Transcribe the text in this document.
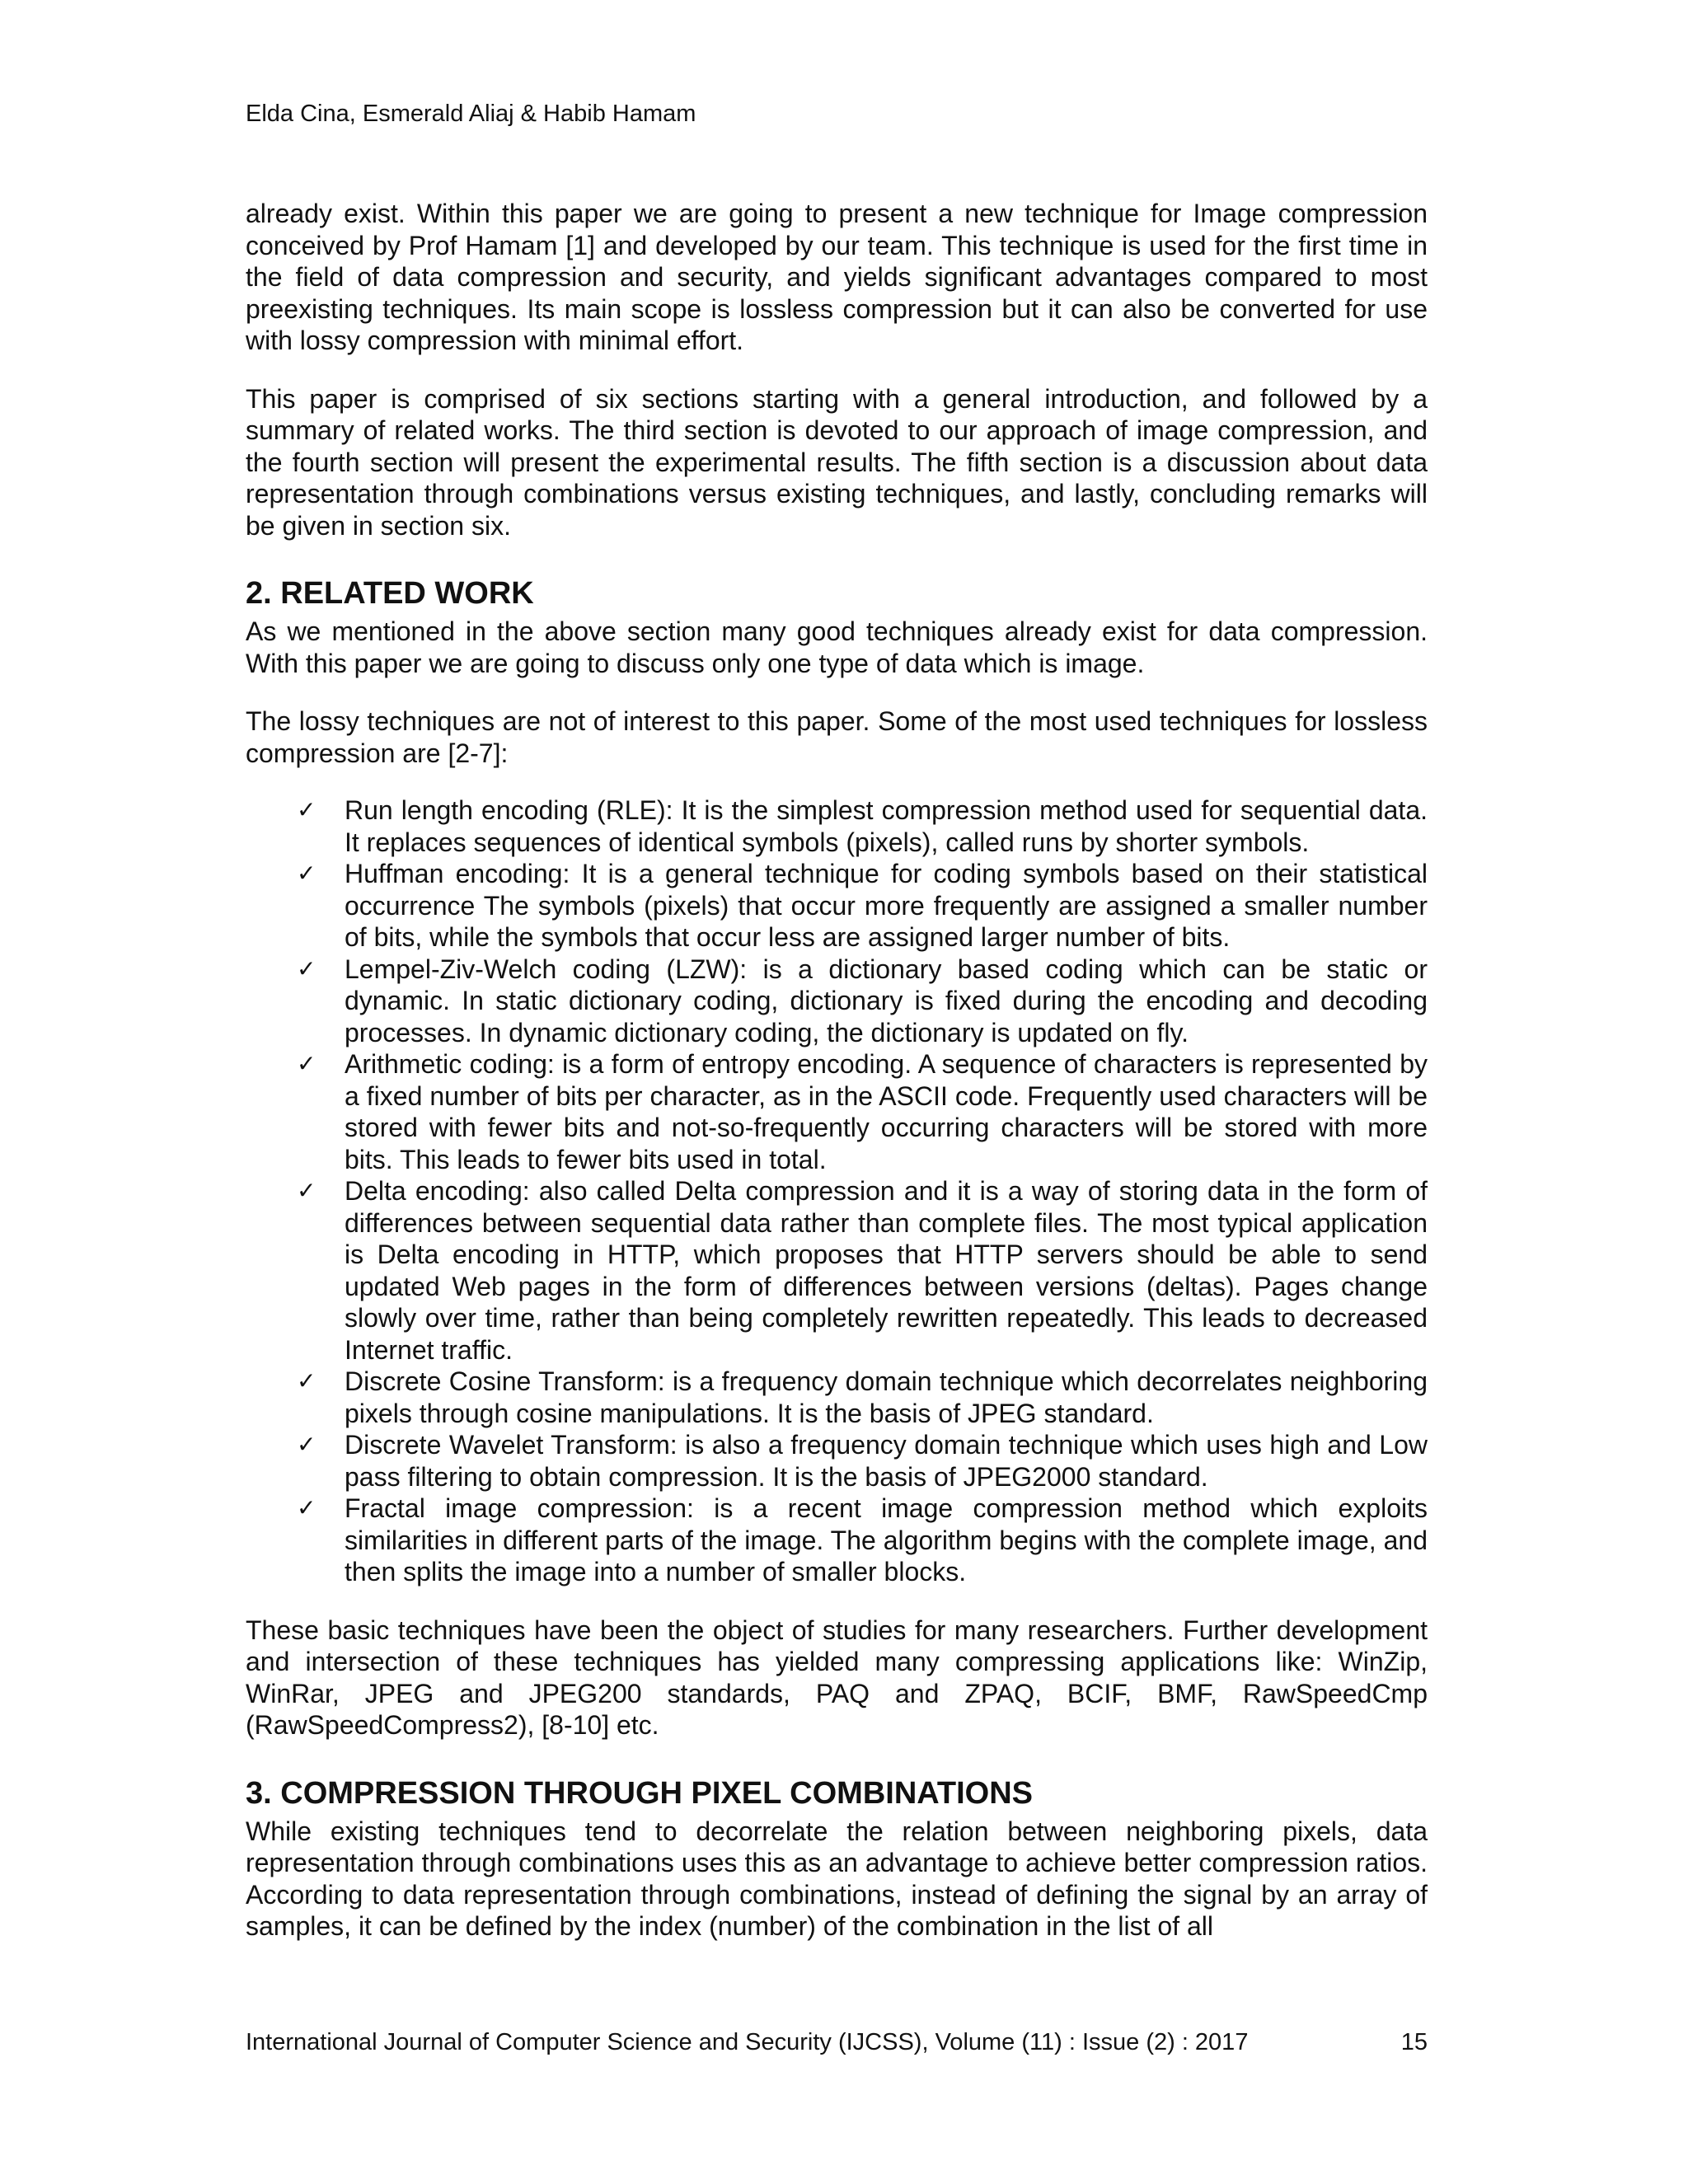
Elda Cina, Esmerald Aliaj & Habib Hamam

already exist. Within this paper we are going to present a new technique for Image compression conceived by Prof Hamam [1] and developed by our team. This technique is used for the first time in the field of data compression and security, and yields significant advantages compared to most preexisting techniques. Its main scope is lossless compression but it can also be converted for use with lossy compression with minimal effort.

This paper is comprised of six sections starting with a general introduction, and followed by a summary of related works. The third section is devoted to our approach of image compression, and the fourth section will present the experimental results. The fifth section is a discussion about data representation through combinations versus existing techniques, and lastly, concluding remarks will be given in section six.

2. RELATED WORK

As we mentioned in the above section many good techniques already exist for data compression. With this paper we are going to discuss only one type of data which is image.

The lossy techniques are not of interest to this paper. Some of the most used techniques for lossless compression are [2-7]:

✓ Run length encoding (RLE): It is the simplest compression method used for sequential data. It replaces sequences of identical symbols (pixels), called runs by shorter symbols.
✓ Huffman encoding: It is a general technique for coding symbols based on their statistical occurrence The symbols (pixels) that occur more frequently are assigned a smaller number of bits, while the symbols that occur less are assigned larger number of bits.
✓ Lempel-Ziv-Welch coding (LZW): is a dictionary based coding which can be static or dynamic. In static dictionary coding, dictionary is fixed during the encoding and decoding processes. In dynamic dictionary coding, the dictionary is updated on fly.
✓ Arithmetic coding: is a form of entropy encoding. A sequence of characters is represented by a fixed number of bits per character, as in the ASCII code. Frequently used characters will be stored with fewer bits and not-so-frequently occurring characters will be stored with more bits. This leads to fewer bits used in total.
✓ Delta encoding: also called Delta compression and it is a way of storing data in the form of differences between sequential data rather than complete files. The most typical application is Delta encoding in HTTP, which proposes that HTTP servers should be able to send updated Web pages in the form of differences between versions (deltas). Pages change slowly over time, rather than being completely rewritten repeatedly. This leads to decreased Internet traffic.
✓ Discrete Cosine Transform: is a frequency domain technique which decorrelates neighboring pixels through cosine manipulations. It is the basis of JPEG standard.
✓ Discrete Wavelet Transform: is also a frequency domain technique which uses high and Low pass filtering to obtain compression. It is the basis of JPEG2000 standard.
✓ Fractal image compression: is a recent image compression method which exploits similarities in different parts of the image. The algorithm begins with the complete image, and then splits the image into a number of smaller blocks.

These basic techniques have been the object of studies for many researchers. Further development and intersection of these techniques has yielded many compressing applications like: WinZip, WinRar, JPEG and JPEG200 standards, PAQ and ZPAQ, BCIF, BMF, RawSpeedCmp (RawSpeedCompress2), [8-10] etc.

3. COMPRESSION THROUGH PIXEL COMBINATIONS

While existing techniques tend to decorrelate the relation between neighboring pixels, data representation through combinations uses this as an advantage to achieve better compression ratios. According to data representation through combinations, instead of defining the signal by an array of samples, it can be defined by the index (number) of the combination in the list of all

International Journal of Computer Science and Security (IJCSS), Volume (11) : Issue (2) : 2017	15
